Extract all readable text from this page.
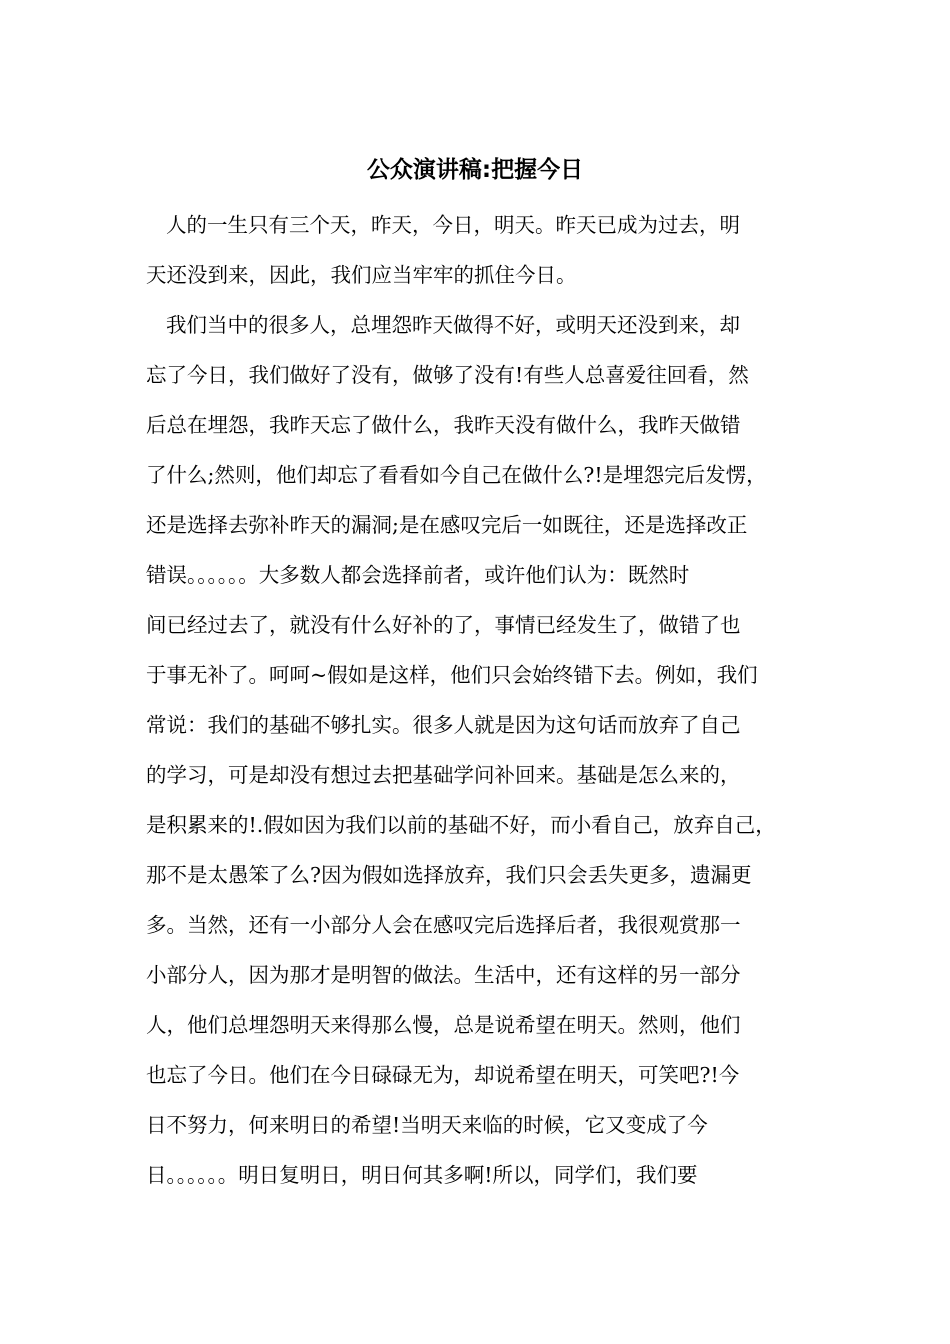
公众演讲稿:把握今日
人的一生只有三个天，昨天，今日，明天。昨天已成为过去，明
天还没到来，因此，我们应当牢牢的抓住今日。
我们当中的很多人，总埋怨昨天做得不好，或明天还没到来，却
忘了今日，我们做好了没有，做够了没有!有些人总喜爱往回看，然
后总在埋怨，我昨天忘了做什么，我昨天没有做什么，我昨天做错
了什么;然则，他们却忘了看看如今自己在做什么?!是埋怨完后发愣，
还是选择去弥补昨天的漏洞;是在感叹完后一如既往，还是选择改正
错误。。。。。。大多数人都会选择前者，或许他们认为：既然时
间已经过去了，就没有什么好补的了，事情已经发生了，做错了也
于事无补了。呵呵~假如是这样，他们只会始终错下去。例如，我们
常说：我们的基础不够扎实。很多人就是因为这句话而放弃了自己
的学习，可是却没有想过去把基础学问补回来。基础是怎么来的，
是积累来的!.假如因为我们以前的基础不好，而小看自己，放弃自己，
那不是太愚笨了么?因为假如选择放弃，我们只会丢失更多，遗漏更
多。当然，还有一小部分人会在感叹完后选择后者，我很观赏那一
小部分人，因为那才是明智的做法。生活中，还有这样的另一部分
人，他们总埋怨明天来得那么慢，总是说希望在明天。然则，他们
也忘了今日。他们在今日碌碌无为，却说希望在明天，可笑吧?!今
日不努力，何来明日的希望!当明天来临的时候，它又变成了今
日。。。。。。明日复明日，明日何其多啊!所以，同学们，我们要
